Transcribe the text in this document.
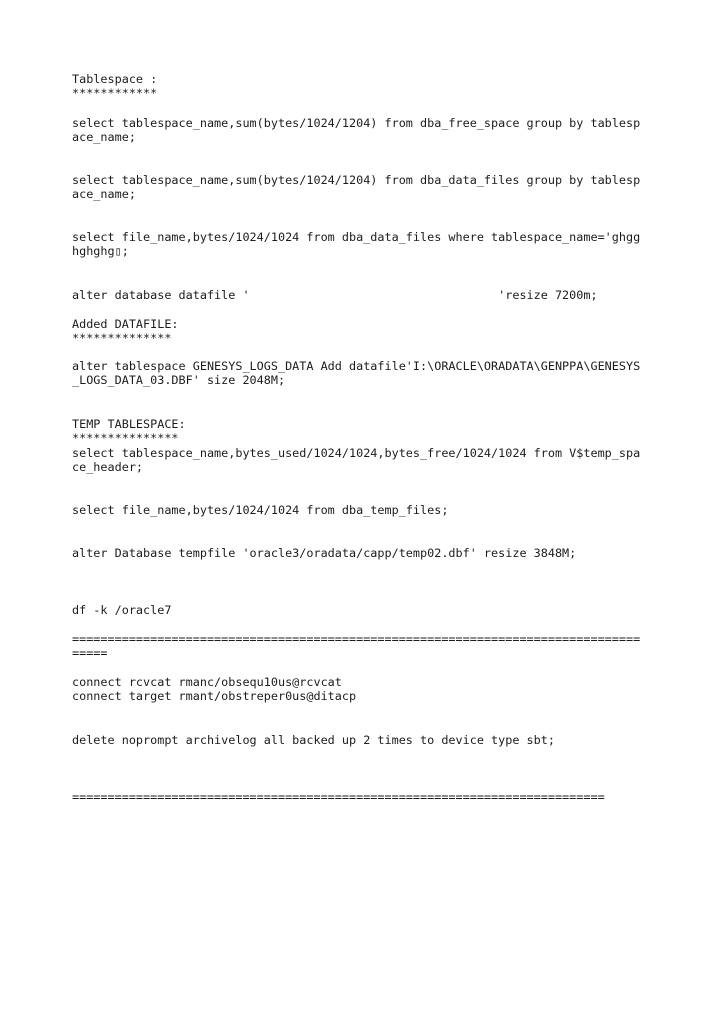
Tablespace :

************

select tablespace_name,sum(bytes/1024/1204) from dba_free_space group by tablesp

ace_name;

select tablespace_name,sum(bytes/1024/1204) from dba_data_files group by tablesp

ace_name;

select file_name,bytes/1024/1024 from dba_data_files where tablespace_name='ghgg

hghghg▯;

alter database datafile '                                   'resize 7200m;

Added DATAFILE:

**************

alter tablespace GENESYS_LOGS_DATA Add datafile'I:\ORACLE\ORADATA\GENPPA\GENESYS

_LOGS_DATA_03.DBF' size 2048M;

TEMP TABLESPACE:

***************

select tablespace_name,bytes_used/1024/1024,bytes_free/1024/1024 from V$temp_spa

ce_header;

select file_name,bytes/1024/1024 from dba_temp_files;

alter Database tempfile 'oracle3/oradata/capp/temp02.dbf' resize 3848M;

df -k /oracle7

================================================================================

=====

connect rcvcat rmanc/obsequ10us@rcvcat

connect target rmant/obstreper0us@ditacp

delete noprompt archivelog all backed up 2 times to device type sbt;

===========================================================================
